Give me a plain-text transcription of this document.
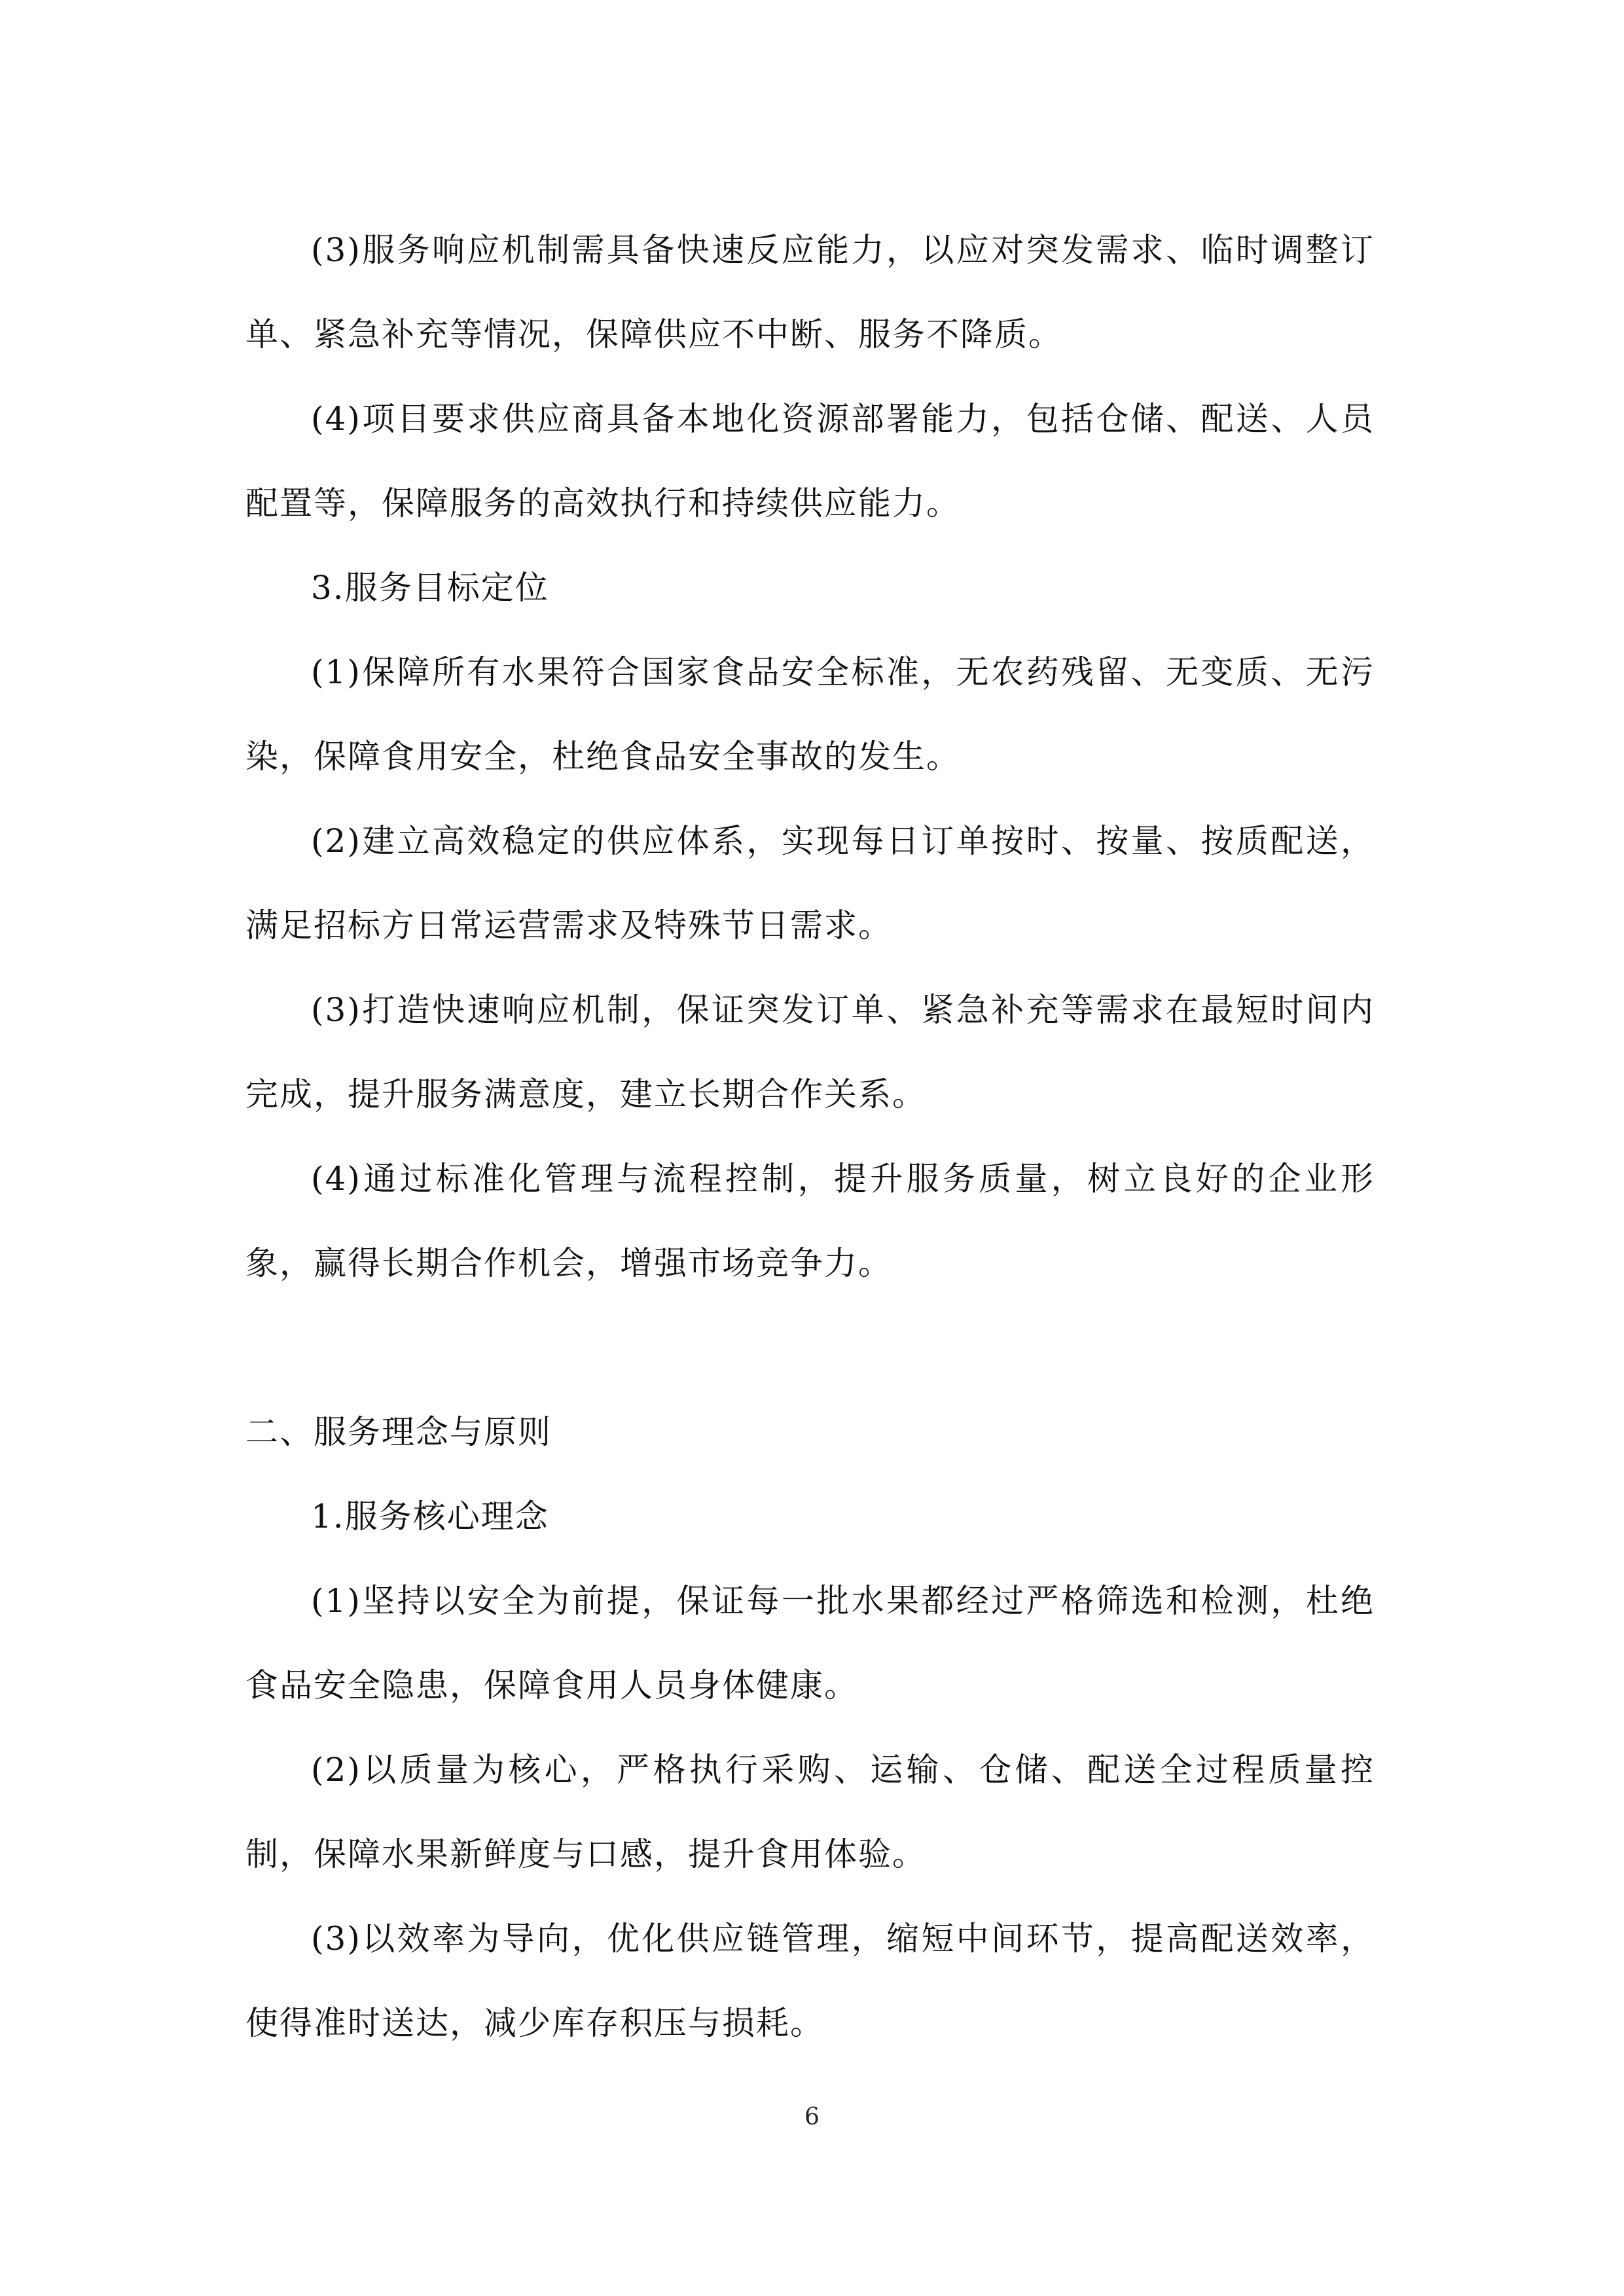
(3)服务响应机制需具备快速反应能力，以应对突发需求、临时调整订单、紧急补充等情况，保障供应不中断、服务不降质。

(4)项目要求供应商具备本地化资源部署能力，包括仓储、配送、人员配置等，保障服务的高效执行和持续供应能力。

3.服务目标定位

(1)保障所有水果符合国家食品安全标准，无农药残留、无变质、无污染，保障食用安全，杜绝食品安全事故的发生。

(2)建立高效稳定的供应体系，实现每日订单按时、按量、按质配送，满足招标方日常运营需求及特殊节日需求。

(3)打造快速响应机制，保证突发订单、紧急补充等需求在最短时间内完成，提升服务满意度，建立长期合作关系。

(4)通过标准化管理与流程控制，提升服务质量，树立良好的企业形象，赢得长期合作机会，增强市场竞争力。

二、服务理念与原则

1.服务核心理念

(1)坚持以安全为前提，保证每一批水果都经过严格筛选和检测，杜绝食品安全隐患，保障食用人员身体健康。

(2)以质量为核心，严格执行采购、运输、仓储、配送全过程质量控制，保障水果新鲜度与口感，提升食用体验。

(3)以效率为导向，优化供应链管理，缩短中间环节，提高配送效率，使得准时送达，减少库存积压与损耗。

6
